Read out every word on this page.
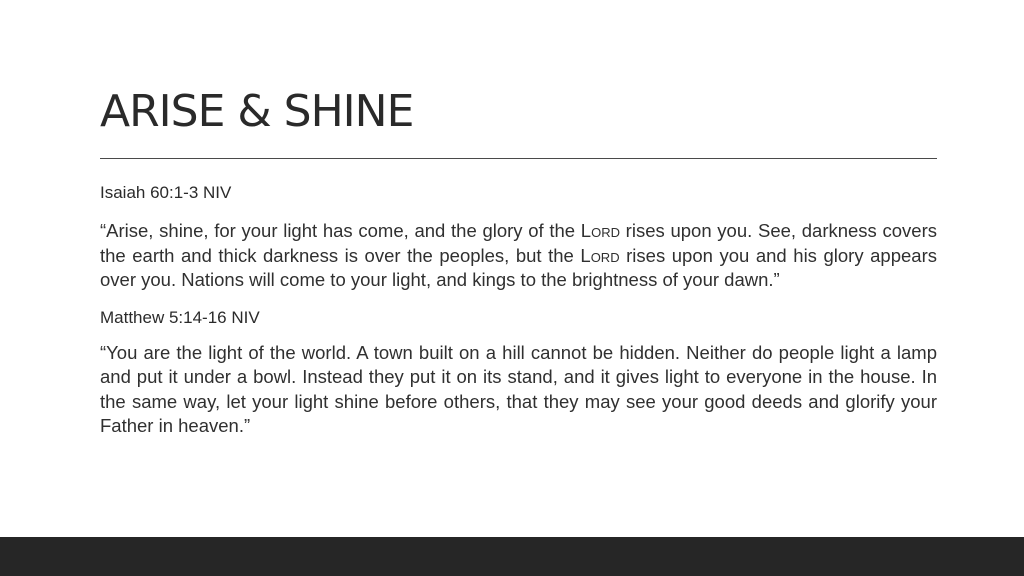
ARISE & SHINE

Isaiah 60:1-3 NIV

“Arise, shine, for your light has come, and the glory of the Lord rises upon you. See, darkness covers the earth and thick darkness is over the peoples, but the Lord rises upon you and his glory appears over you. Nations will come to your light, and kings to the brightness of your dawn.”

Matthew 5:14-16 NIV

“You are the light of the world. A town built on a hill cannot be hidden. Neither do people light a lamp and put it under a bowl. Instead they put it on its stand, and it gives light to everyone in the house. In the same way, let your light shine before others, that they may see your good deeds and glorify your Father in heaven.”
